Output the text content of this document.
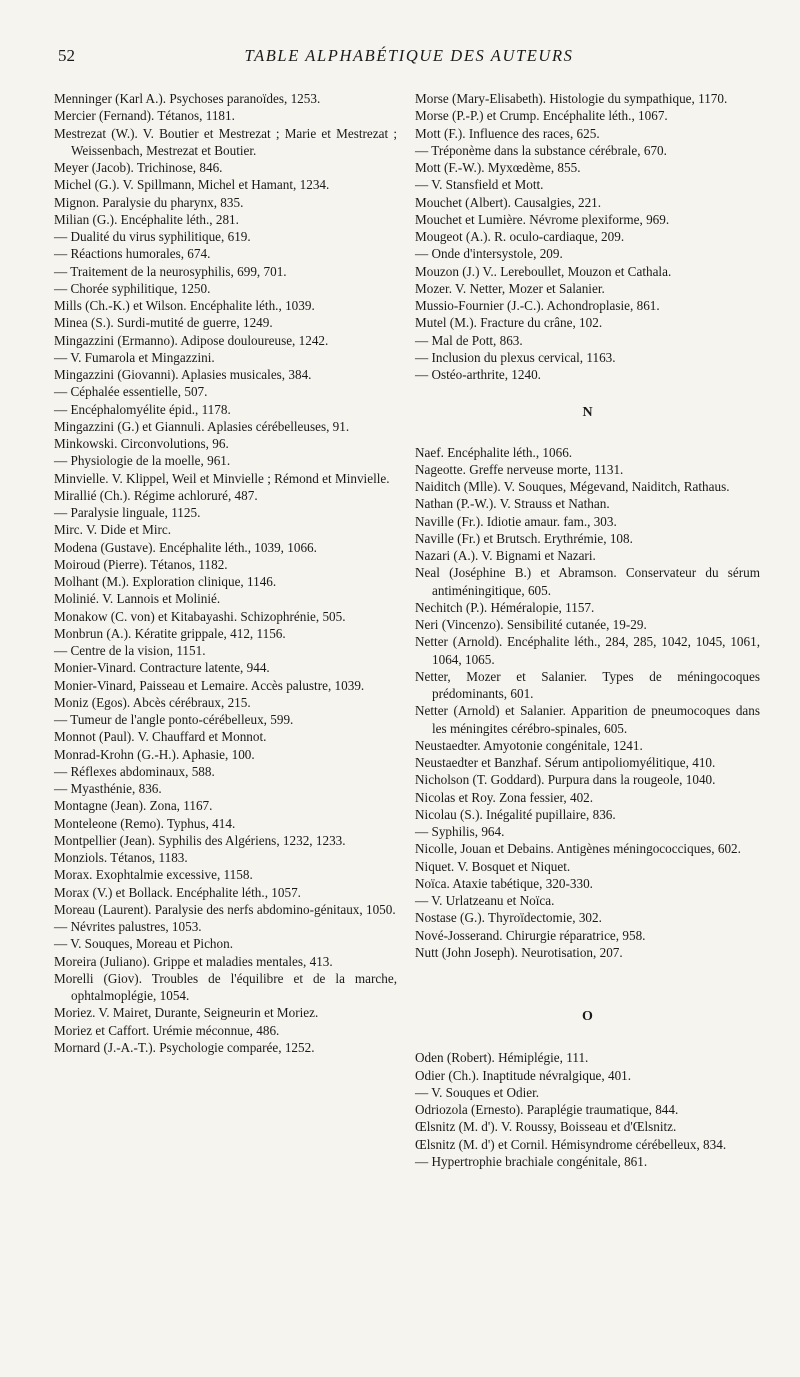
52	TABLE ALPHABÉTIQUE DES AUTEURS

Menninger (Karl A.). Psychoses paranoïdes, 1253.

Mercier (Fernand). Tétanos, 1181.

Mestrezat (W.). V. Boutier et Mestrezat ; Marie et Mestrezat ; Weissenbach, Mestrezat et Boutier.

Meyer (Jacob). Trichinose, 846.

Michel (G.). V. Spillmann, Michel et Hamant, 1234.

Mignon. Paralysie du pharynx, 835.

Milian (G.). Encéphalite léth., 281.

— Dualité du virus syphilitique, 619.

— Réactions humorales, 674.

— Traitement de la neurosyphilis, 699, 701.

— Chorée syphilitique, 1250.

Mills (Ch.-K.) et Wilson. Encéphalite léth., 1039.

Minea (S.). Surdi-mutité de guerre, 1249.

Mingazzini (Ermanno). Adipose douloureuse, 1242.

— V. Fumarola et Mingazzini.

Mingazzini (Giovanni). Aplasies musicales, 384.

— Céphalée essentielle, 507.

— Encéphalomyélite épid., 1178.

Mingazzini (G.) et Giannuli. Aplasies cérébelleuses, 91.

Minkowski. Circonvolutions, 96.

— Physiologie de la moelle, 961.

Minvielle. V. Klippel, Weil et Minvielle ; Rémond et Minvielle.

Mirallié (Ch.). Régime achloruré, 487.

— Paralysie linguale, 1125.

Mirc. V. Dide et Mirc.

Modena (Gustave). Encéphalite léth., 1039, 1066.

Moiroud (Pierre). Tétanos, 1182.

Molhant (M.). Exploration clinique, 1146.

Molinié. V. Lannois et Molinié.

Monakow (C. von) et Kitabayashi. Schizophrénie, 505.

Monbrun (A.). Kératite grippale, 412, 1156.

— Centre de la vision, 1151.

Monier-Vinard. Contracture latente, 944.

Monier-Vinard, Paisseau et Lemaire. Accès palustre, 1039.

Moniz (Egos). Abcès cérébraux, 215.

— Tumeur de l'angle ponto-cérébelleux, 599.

Monnot (Paul). V. Chauffard et Monnot.

Monrad-Krohn (G.-H.). Aphasie, 100.

— Réflexes abdominaux, 588.

— Myasthénie, 836.

Montagne (Jean). Zona, 1167.

Monteleone (Remo). Typhus, 414.

Montpellier (Jean). Syphilis des Algériens, 1232, 1233.

Monziols. Tétanos, 1183.

Morax. Exophtalmie excessive, 1158.

Morax (V.) et Bollack. Encéphalite léth., 1057.

Moreau (Laurent). Paralysie des nerfs abdomino-génitaux, 1050.

— Névrites palustres, 1053.

— V. Souques, Moreau et Pichon.

Moreira (Juliano). Grippe et maladies mentales, 413.

Morelli (Giov). Troubles de l'équilibre et de la marche, ophtalmoplégie, 1054.

Moriez. V. Mairet, Durante, Seigneurin et Moriez.

Moriez et Caffort. Urémie méconnue, 486.

Mornard (J.-A.-T.). Psychologie comparée, 1252.

Morse (Mary-Elisabeth). Histologie du sympathique, 1170.

Morse (P.-P.) et Crump. Encéphalite léth., 1067.

Mott (F.). Influence des races, 625.

— Tréponème dans la substance cérébrale, 670.

Mott (F.-W.). Myxœdème, 855.

— V. Stansfield et Mott.

Mouchet (Albert). Causalgies, 221.

Mouchet et Lumière. Névrome plexiforme, 969.

Mougeot (A.). R. oculo-cardiaque, 209.

— Onde d'intersystole, 209.

Mouzon (J.) V.. Lereboullet, Mouzon et Cathala.

Mozer. V. Netter, Mozer et Salanier.

Mussio-Fournier (J.-C.). Achondroplasie, 861.

Mutel (M.). Fracture du crâne, 102.

— Mal de Pott, 863.

— Inclusion du plexus cervical, 1163.

— Ostéo-arthrite, 1240.

N

Naef. Encéphalite léth., 1066.

Nageotte. Greffe nerveuse morte, 1131.

Naiditch (Mlle). V. Souques, Mégevand, Naiditch, Rathaus.

Nathan (P.-W.). V. Strauss et Nathan.

Naville (Fr.). Idiotie amaur. fam., 303.

Naville (Fr.) et Brutsch. Erythrémie, 108.

Nazari (A.). V. Bignami et Nazari.

Neal (Joséphine B.) et Abramson. Conservateur du sérum antiméningitique, 605.

Nechitch (P.). Héméralopie, 1157.

Neri (Vincenzo). Sensibilité cutanée, 19-29.

Netter (Arnold). Encéphalite léth., 284, 285, 1042, 1045, 1061, 1064, 1065.

Netter, Mozer et Salanier. Types de méningocoques prédominants, 601.

Netter (Arnold) et Salanier. Apparition de pneumocoques dans les méningites cérébro-spinales, 605.

Neustaedter. Amyotonie congénitale, 1241.

Neustaedter et Banzhaf. Sérum antipoliomyélitique, 410.

Nicholson (T. Goddard). Purpura dans la rougeole, 1040.

Nicolas et Roy. Zona fessier, 402.

Nicolau (S.). Inégalité pupillaire, 836.

— Syphilis, 964.

Nicolle, Jouan et Debains. Antigènes méningococciques, 602.

Niquet. V. Bosquet et Niquet.

Noïca. Ataxie tabétique, 320-330.

— V. Urlatzeanu et Noïca.

Nostase (G.). Thyroïdectomie, 302.

Nové-Josserand. Chirurgie réparatrice, 958.

Nutt (John Joseph). Neurotisation, 207.

O

Oden (Robert). Hémiplégie, 111.

Odier (Ch.). Inaptitude névralgique, 401.

— V. Souques et Odier.

Odriozola (Ernesto). Paraplégie traumatique, 844.

Œlsnitz (M. d'). V. Roussy, Boisseau et d'Œlsnitz.

Œlsnitz (M. d') et Cornil. Hémisyndrome cérébelleux, 834.

— Hypertrophie brachiale congénitale, 861.
